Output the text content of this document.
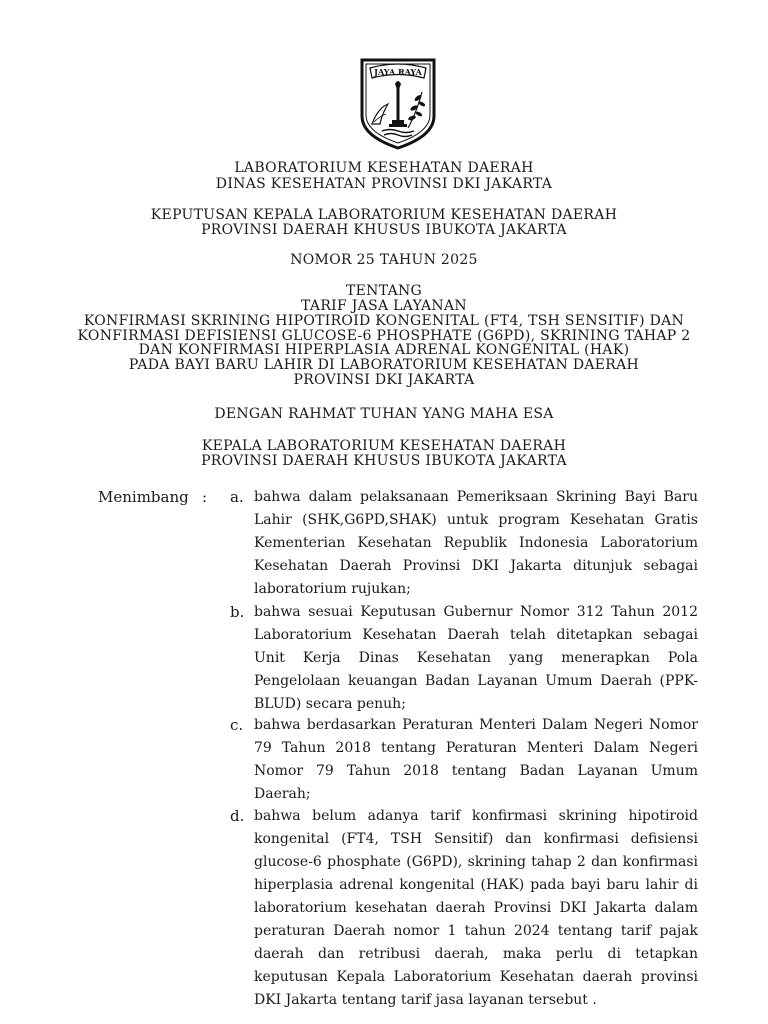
JAYA RAYA
LABORATORIUM KESEHATAN DAERAH
DINAS KESEHATAN PROVINSI DKI JAKARTA
KEPUTUSAN KEPALA LABORATORIUM KESEHATAN DAERAH
PROVINSI DAERAH KHUSUS IBUKOTA JAKARTA
NOMOR 25 TAHUN 2025
TENTANG
TARIF JASA LAYANAN
KONFIRMASI SKRINING HIPOTIROID KONGENITAL (FT4, TSH SENSITIF) DAN
KONFIRMASI DEFISIENSI GLUCOSE-6 PHOSPHATE (G6PD), SKRINING TAHAP 2
DAN KONFIRMASI HIPERPLASIA ADRENAL KONGENITAL (HAK)
PADA BAYI BARU LAHIR DI LABORATORIUM KESEHATAN DAERAH
PROVINSI DKI JAKARTA
DENGAN RAHMAT TUHAN YANG MAHA ESA
KEPALA LABORATORIUM KESEHATAN DAERAH
PROVINSI DAERAH KHUSUS IBUKOTA JAKARTA
Menimbang : a. bahwa dalam pelaksanaan Pemeriksaan Skrining Bayi Baru
Lahir (SHK,G6PD,SHAK) untuk program Kesehatan Gratis
Kementerian Kesehatan Republik Indonesia Laboratorium
Kesehatan Daerah Provinsi DKI Jakarta ditunjuk sebagai
laboratorium rujukan;
b. bahwa sesuai Keputusan Gubernur Nomor 312 Tahun 2012
Laboratorium Kesehatan Daerah telah ditetapkan sebagai
Unit Kerja Dinas Kesehatan yang menerapkan Pola
Pengelolaan keuangan Badan Layanan Umum Daerah (PPK-
BLUD) secara penuh;
c. bahwa berdasarkan Peraturan Menteri Dalam Negeri Nomor
79 Tahun 2018 tentang Peraturan Menteri Dalam Negeri
Nomor 79 Tahun 2018 tentang Badan Layanan Umum
Daerah;
d. bahwa belum adanya tarif konfirmasi skrining hipotiroid
kongenital (FT4, TSH Sensitif) dan konfirmasi defisiensi
glucose-6 phosphate (G6PD), skrining tahap 2 dan konfirmasi
hiperplasia adrenal kongenital (HAK) pada bayi baru lahir di
laboratorium kesehatan daerah Provinsi DKI Jakarta dalam
peraturan Daerah nomor 1 tahun 2024 tentang tarif pajak
daerah dan retribusi daerah, maka perlu di tetapkan
keputusan Kepala Laboratorium Kesehatan daerah provinsi
DKI Jakarta tentang tarif jasa layanan tersebut .
